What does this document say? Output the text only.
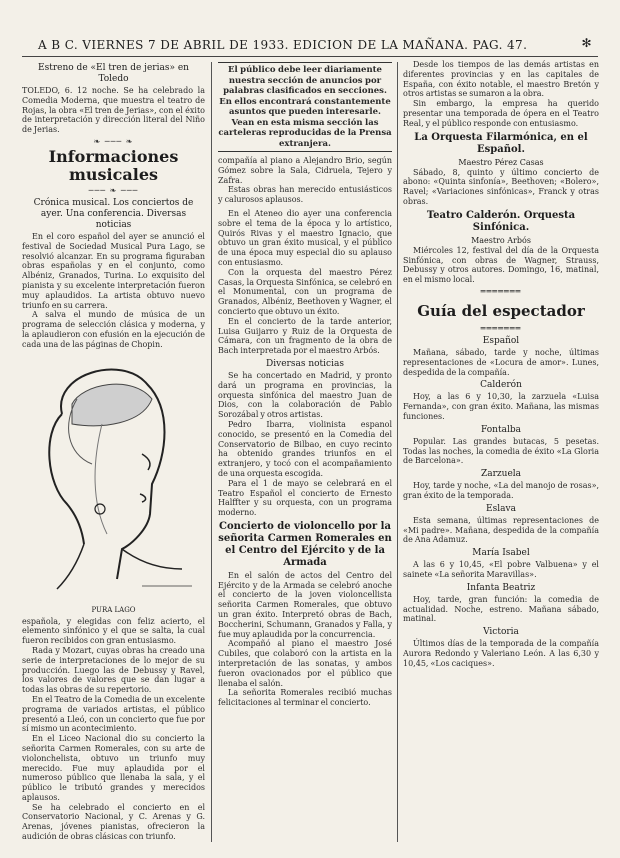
A B C. VIERNES 7 DE ABRIL DE 1933. EDICION DE LA MAÑANA. PAG. 47.	✻

Estreno de «El tren de jerias» en Toledo

TOLEDO, 6. 12 noche. Se ha celebrado la Comedia Moderna, que muestra el teatro de Rojas, la obra «El tren de Jerias», con el éxito de interpretación y dirección literal del Niño de Jerias.

❧ ─── ❧

Informaciones musicales

─── ❧ ───

Crónica musical. Los conciertos de ayer. Una conferencia. Diversas noticias

En el coro español del ayer se anunció el festival de Sociedad Musical Pura Lago, se resolvió alcanzar. En su programa figuraban obras españolas y en el conjunto, como Albéniz, Granados, Turina. Lo exquisito del pianista y su excelente interpretación fueron muy aplaudidos. La artista obtuvo nuevo triunfo en su carrera.

A salva el mundo de música de un programa de selección clásica y moderna, y la aplaudieron con efusión en la ejecución de cada una de las páginas de Chopin.

PURA LAGO

española, y elegidas con feliz acierto, el elemento sinfónico y el que se salta, la cual fueron recibidos con gran entusiasmo.

Rada y Mozart, cuyas obras ha creado una serie de interpretaciones de lo mejor de su producción. Luego las de Debussy y Ravel, los valores de valores que se dan lugar a todas las obras de su repertorio.

En el Teatro de la Comedia de un excelente programa de variados artistas, el público presentó a Lleó, con un concierto que fue por sí mismo un acontecimiento.

En el Liceo Nacional dio su concierto la señorita Carmen Romerales, con su arte de violonchelista, obtuvo un triunfo muy merecido. Fue muy aplaudida por el numeroso público que llenaba la sala, y el público le tributó grandes y merecidos aplausos.

Se ha celebrado el concierto en el Conservatorio Nacional, y C. Arenas y G. Arenas, jóvenes pianistas, ofrecieron la audición de obras clásicas con triunfo.

El público debe leer diariamente nuestra sección de anuncios por palabras clasificados en secciones. En ellos encontrará constantemente asuntos que pueden interesarle. Vean en esta misma sección las carteleras reproducidas de la Prensa extranjera.

compañía al piano a Alejandro Brio, según Gómez sobre la Sala, Cidruela, Tejero y Zafra.

Estas obras han merecido entusiásticos y calurosos aplausos.

En el Ateneo dio ayer una conferencia sobre el tema de la época y lo artístico, Quirós Rivas y el maestro Ignacio, que obtuvo un gran éxito musical, y el público de una época muy especial dio su aplauso con entusiasmo.

Con la orquesta del maestro Pérez Casas, la Orquesta Sinfónica, se celebró en el Monumental, con un programa de Granados, Albéniz, Beethoven y Wagner, el concierto que obtuvo un éxito.

En el concierto de la tarde anterior, Luisa Guijarro y Ruiz de la Orquesta de Cámara, con un fragmento de la obra de Bach interpretada por el maestro Arbós.

Diversas noticias

Se ha concertado en Madrid, y pronto dará un programa en provincias, la orquesta sinfónica del maestro Juan de Dios, con la colaboración de Pablo Sorozábal y otros artistas.

Pedro Ibarra, violinista espanol conocido, se presentó en la Comedia del Conservatorio de Bilbao, en cuyo recinto ha obtenido grandes triunfos en el extranjero, y tocó con el acompañamiento de una orquesta escogida.

Para el 1 de mayo se celebrará en el Teatro Español el concierto de Ernesto Halffter y su orquesta, con un programa moderno.

Concierto de violoncello por la señorita Carmen Romerales en el Centro del Ejército y de la Armada

En el salón de actos del Centro del Ejército y de la Armada se celebró anoche el concierto de la joven violoncellista señorita Carmen Romerales, que obtuvo un gran éxito. Interpretó obras de Bach, Boccherini, Schumann, Granados y Falla, y fue muy aplaudida por la concurrencia.

Acompañó al piano el maestro José Cubiles, que colaboró con la artista en la interpretación de las sonatas, y ambos fueron ovacionados por el público que llenaba el salón.

La señorita Romerales recibió muchas felicitaciones al terminar el concierto.

Desde los tiempos de las demás artistas en diferentes provincias y en las capitales de España, con éxito notable, el maestro Bretón y otros artistas se sumaron a la obra.

Sin embargo, la empresa ha querido presentar una temporada de ópera en el Teatro Real, y el público responde con entusiasmo.

La Orquesta Filarmónica, en el Español.

Maestro Pérez Casas

Sábado, 8, quinto y último concierto de abono: «Quinta sinfonía», Beethoven; «Bolero», Ravel; «Variaciones sinfónicas», Franck y otras obras.

Teatro Calderón. Orquesta Sinfónica.

Maestro Arbós

Miércoles 12, festival del día de la Orquesta Sinfónica, con obras de Wagner, Strauss, Debussy y otros autores. Domingo, 16, matinal, en el mismo local.

═══════

Guía del espectador

═══════

Español

Mañana, sábado, tarde y noche, últimas representaciones de «Locura de amor». Lunes, despedida de la compañía.

Calderón

Hoy, a las 6 y 10,30, la zarzuela «Luisa Fernanda», con gran éxito. Mañana, las mismas funciones.

Fontalba

Popular. Las grandes butacas, 5 pesetas. Todas las noches, la comedia de éxito «La Gloria de Barcelona».

Zarzuela

Hoy, tarde y noche, «La del manojo de rosas», gran éxito de la temporada.

Eslava

Esta semana, últimas representaciones de «Mi padre». Mañana, despedida de la compañía de Ana Adamuz.

María Isabel

A las 6 y 10,45, «El pobre Valbuena» y el sainete «La señorita Maravillas».

Infanta Beatriz

Hoy, tarde, gran función: la comedia de actualidad. Noche, estreno. Mañana sábado, matinal.

Victoria

Últimos días de la temporada de la compañía Aurora Redondo y Valeriano León. A las 6,30 y 10,45, «Los caciques».
